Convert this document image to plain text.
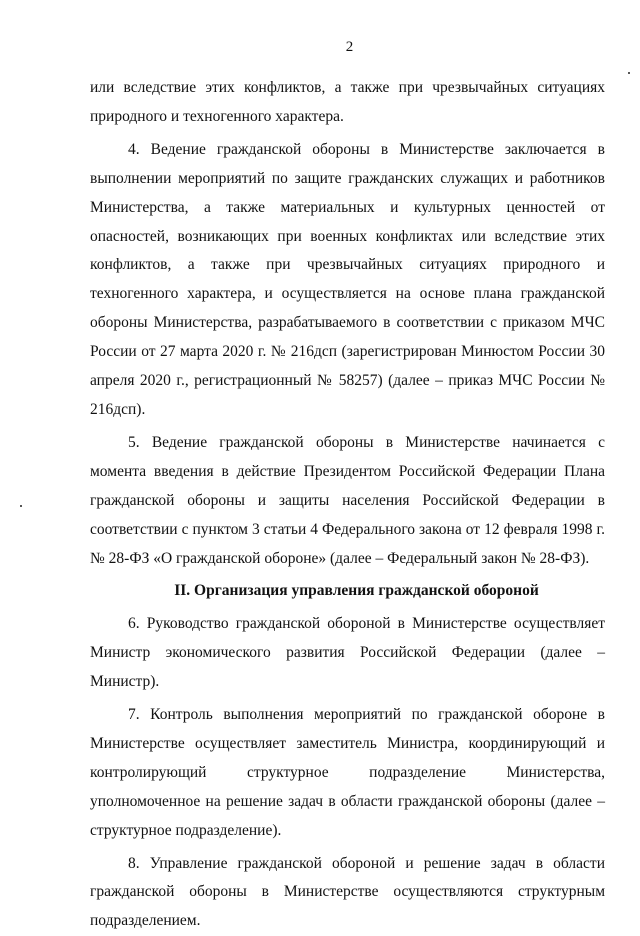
2

или вследствие этих конфликтов, а также при чрезвычайных ситуациях природного и техногенного характера.

4. Ведение гражданской обороны в Министерстве заключается в выполнении мероприятий по защите гражданских служащих и работников Министерства, а также материальных и культурных ценностей от опасностей, возникающих при военных конфликтах или вследствие этих конфликтов, а также при чрезвычайных ситуациях природного и техногенного характера, и осуществляется на основе плана гражданской обороны Министерства, разрабатываемого в соответствии с приказом МЧС России от 27 марта 2020 г. № 216дсп (зарегистрирован Минюстом России 30 апреля 2020 г., регистрационный № 58257) (далее – приказ МЧС России № 216дсп).

5. Ведение гражданской обороны в Министерстве начинается с момента введения в действие Президентом Российской Федерации Плана гражданской обороны и защиты населения Российской Федерации в соответствии с пунктом 3 статьи 4 Федерального закона от 12 февраля 1998 г. № 28-ФЗ «О гражданской обороне» (далее – Федеральный закон № 28-ФЗ).

II. Организация управления гражданской обороной

6. Руководство гражданской обороной в Министерстве осуществляет Министр экономического развития Российской Федерации (далее – Министр).

7. Контроль выполнения мероприятий по гражданской обороне в Министерстве осуществляет заместитель Министра, координирующий и контролирующий структурное подразделение Министерства, уполномоченное на решение задач в области гражданской обороны (далее – структурное подразделение).

8. Управление гражданской обороной и решение задач в области гражданской обороны в Министерстве осуществляются структурным подразделением.
